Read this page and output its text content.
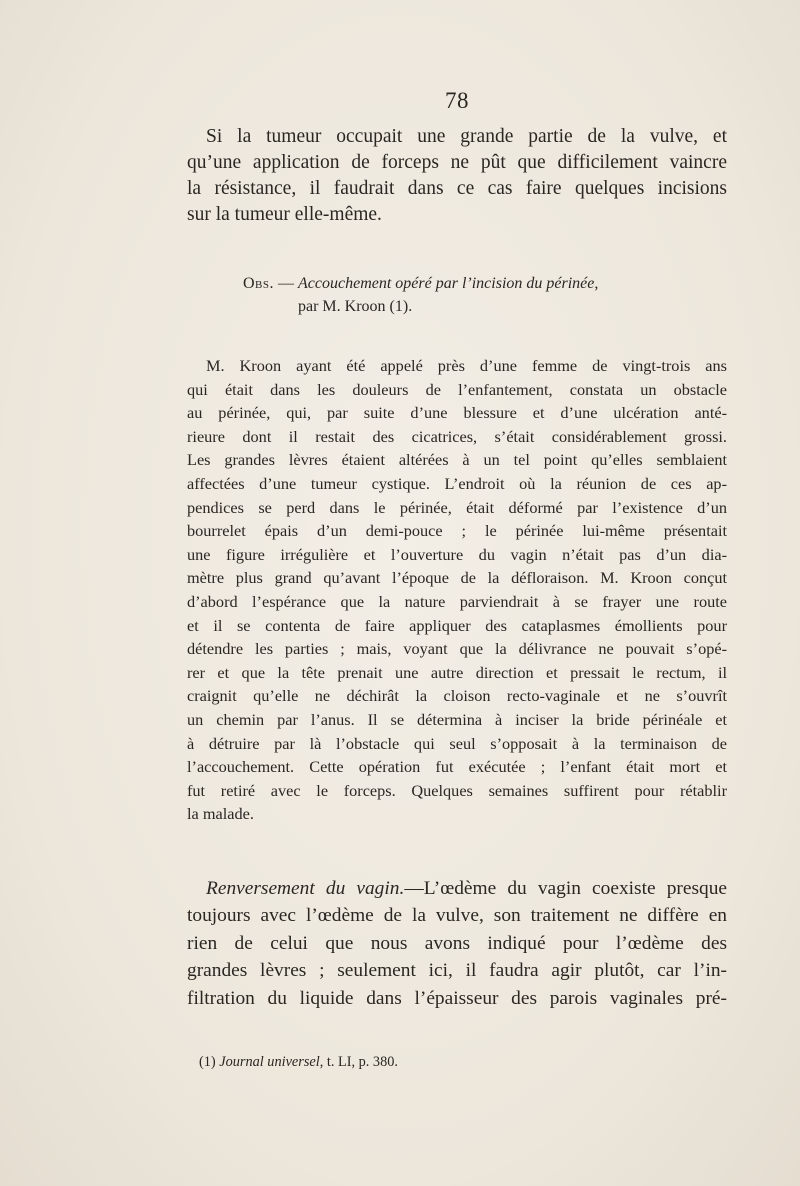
78
Si la tumeur occupait une grande partie de la vulve, et
qu’une application de forceps ne pût que difficilement vaincre
la résistance, il faudrait dans ce cas faire quelques incisions
sur la tumeur elle-même.
Obs. — Accouchement opéré par l’incision du périnée,
par M. Kroon (1).
M. Kroon ayant été appelé près d’une femme de vingt-trois ans
qui était dans les douleurs de l’enfantement, constata un obstacle
au périnée, qui, par suite d’une blessure et d’une ulcération anté-
rieure dont il restait des cicatrices, s’était considérablement grossi.
Les grandes lèvres étaient altérées à un tel point qu’elles semblaient
affectées d’une tumeur cystique. L’endroit où la réunion de ces ap-
pendices se perd dans le périnée, était déformé par l’existence d’un
bourrelet épais d’un demi-pouce ; le périnée lui-même présentait
une figure irrégulière et l’ouverture du vagin n’était pas d’un dia-
mètre plus grand qu’avant l’époque de la défloraison. M. Kroon conçut
d’abord l’espérance que la nature parviendrait à se frayer une route
et il se contenta de faire appliquer des cataplasmes émollients pour
détendre les parties ; mais, voyant que la délivrance ne pouvait s’opé-
rer et que la tête prenait une autre direction et pressait le rectum, il
craignit qu’elle ne déchirât la cloison recto-vaginale et ne s’ouvrît
un chemin par l’anus. Il se détermina à inciser la bride périnéale et
à détruire par là l’obstacle qui seul s’opposait à la terminaison de
l’accouchement. Cette opération fut exécutée ; l’enfant était mort et
fut retiré avec le forceps. Quelques semaines suffirent pour rétablir
la malade.
Renversement du vagin.—L’œdème du vagin coexiste presque
toujours avec l’œdème de la vulve, son traitement ne diffère en
rien de celui que nous avons indiqué pour l’œdème des
grandes lèvres ; seulement ici, il faudra agir plutôt, car l’in-
filtration du liquide dans l’épaisseur des parois vaginales pré-
(1) Journal universel, t. LI, p. 380.
